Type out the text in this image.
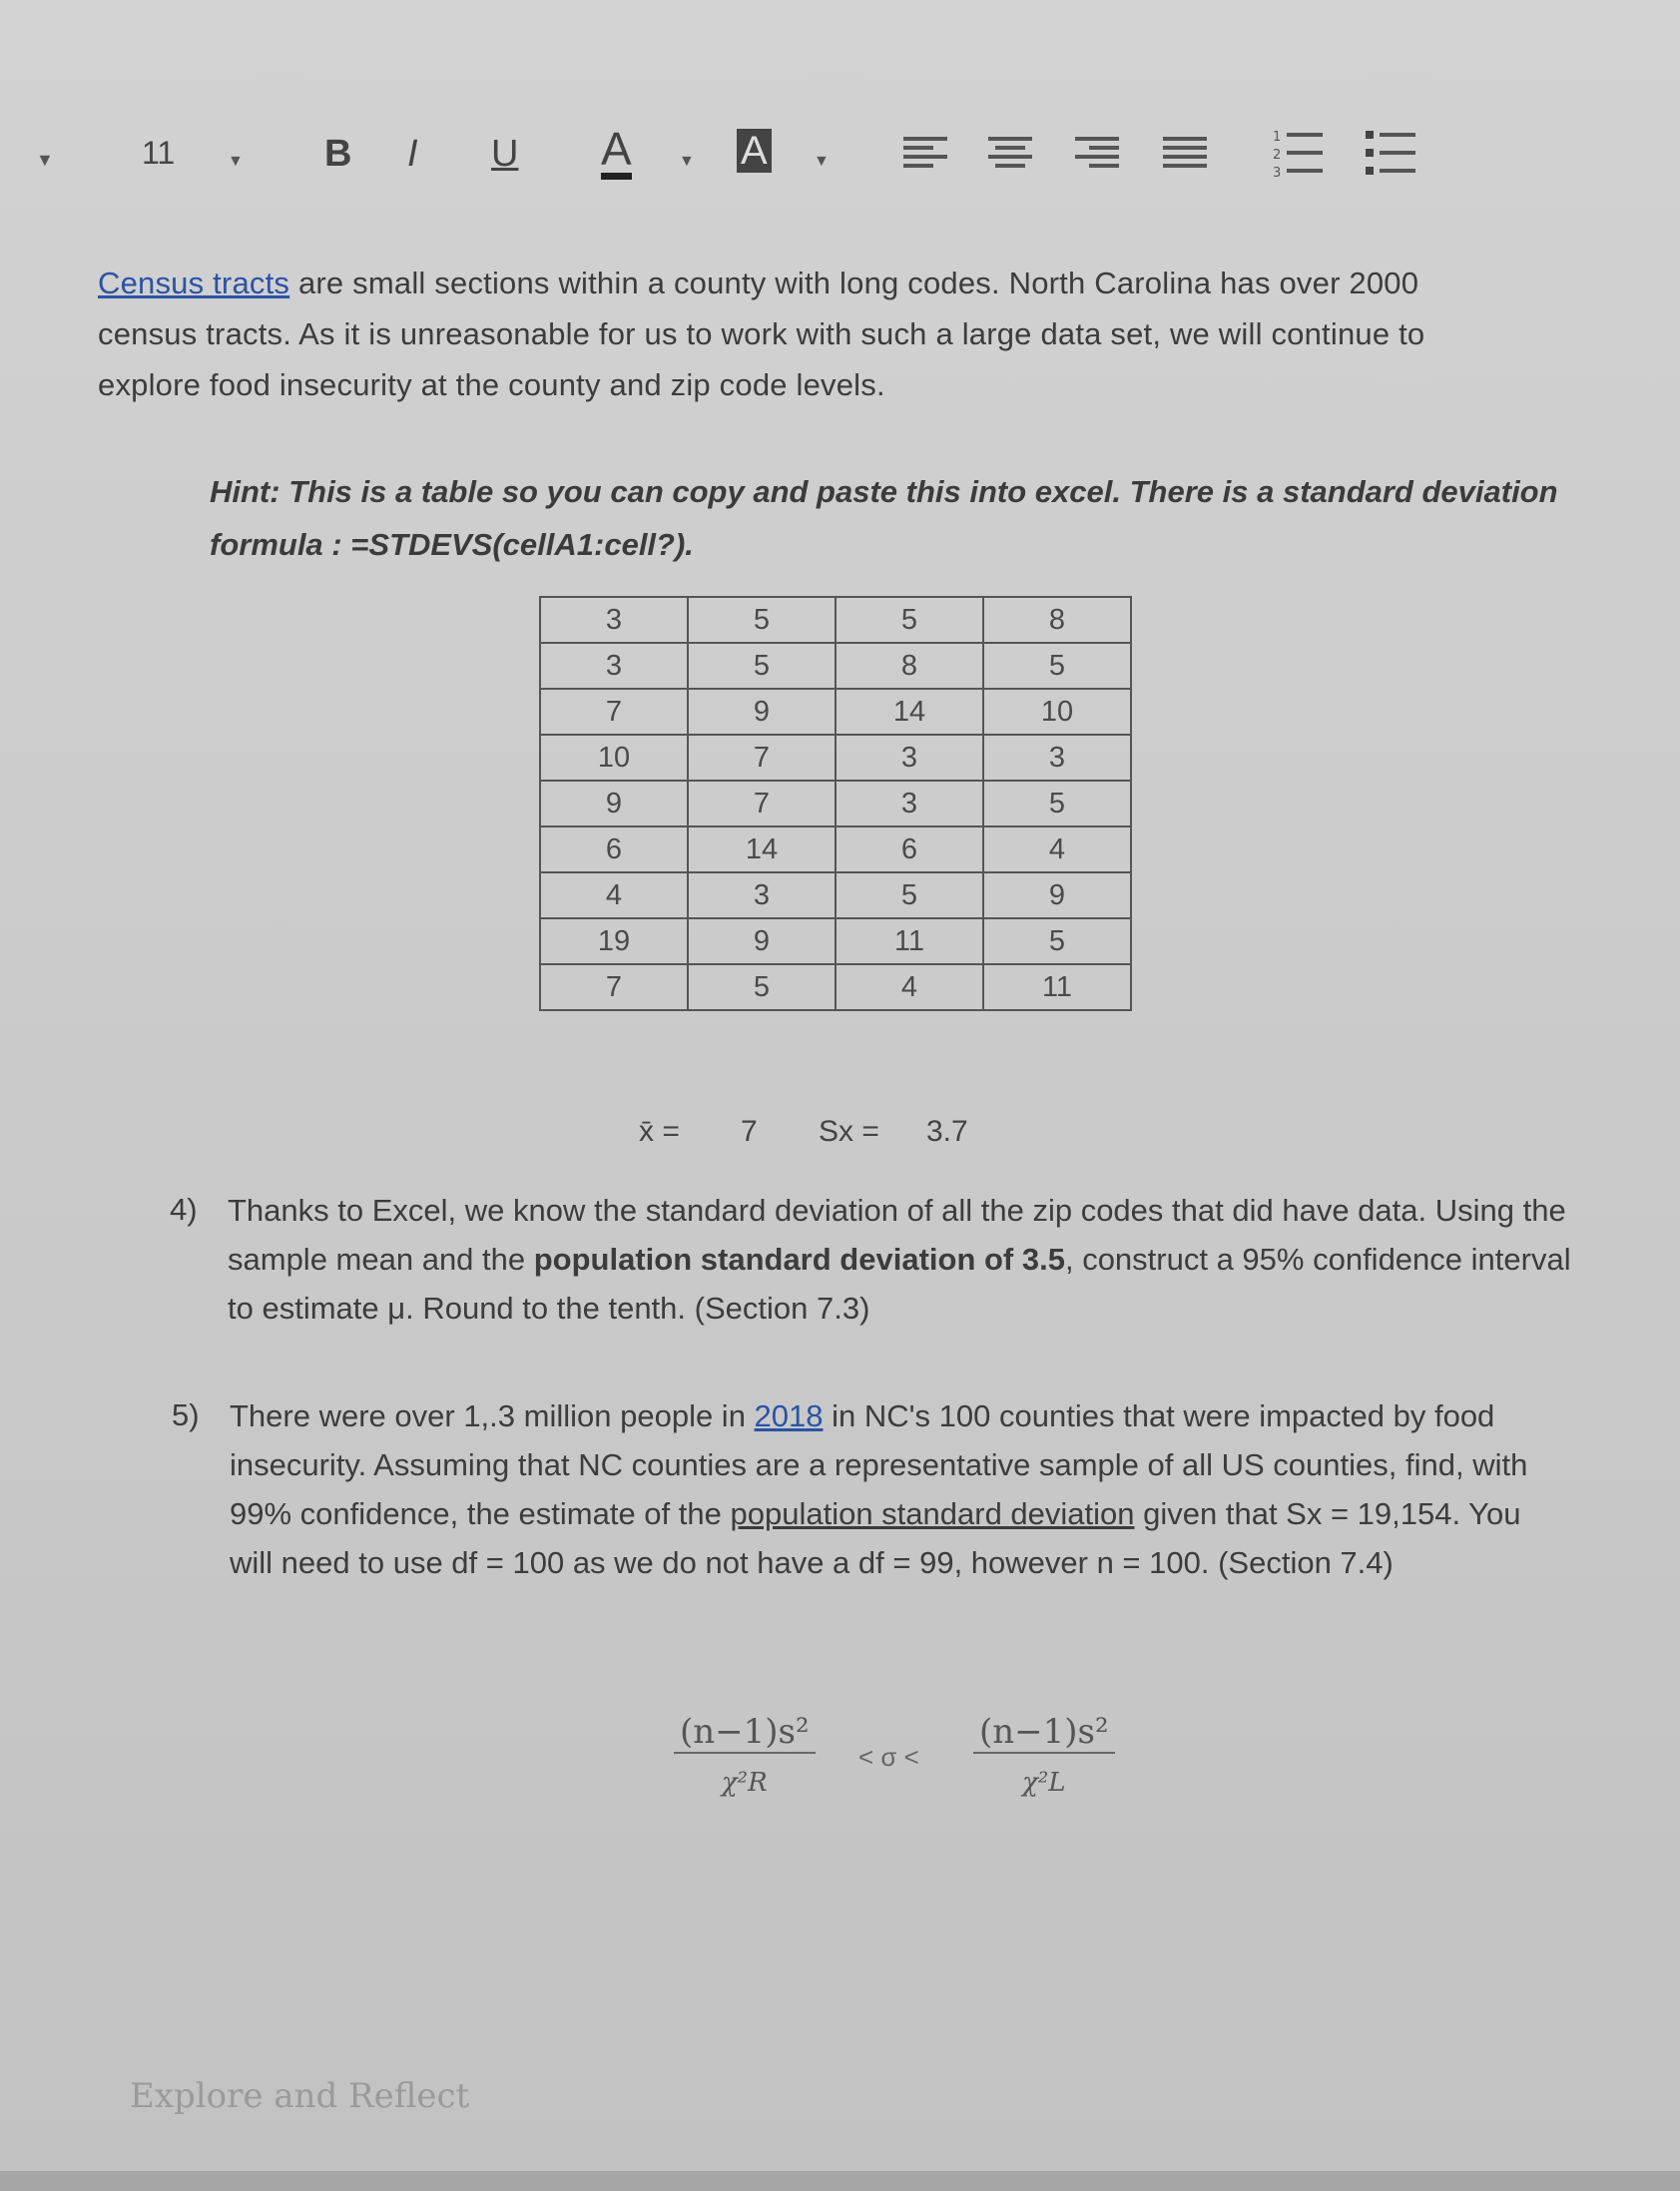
▼	11	▼ B I U A	▼ A	▼
1
2
3
Census tracts are small sections within a county with long codes. North Carolina has over 2000 census tracts. As it is unreasonable for us to work with such a large data set, we will continue to explore food insecurity at the county and zip code levels.
Hint: This is a table so you can copy and paste this into excel. There is a standard deviation formula : =STDEVS(cellA1:cell?).
3	5	5	8
3	5	8	5
7	9	14	10
10	7	3	3
9	7	3	5
6	14	6	4
4	3	5	9
19	9	11	5
7	5	4	11
x̄ = 7 Sx = 3.7
4) Thanks to Excel, we know the standard deviation of all the zip codes that did have data. Using the sample mean and the population standard deviation of 3.5, construct a 95% confidence interval to estimate μ. Round to the tenth. (Section 7.3)
5) There were over 1,.3 million people in 2018 in NC's 100 counties that were impacted by food insecurity. Assuming that NC counties are a representative sample of all US counties, find, with 99% confidence, the estimate of the population standard deviation given that Sx = 19,154. You will need to use df = 100 as we do not have a df = 99, however n = 100. (Section 7.4)
(n−1)s²
χ²R
< σ <
(n−1)s²
χ²L
Explore and Reflect
